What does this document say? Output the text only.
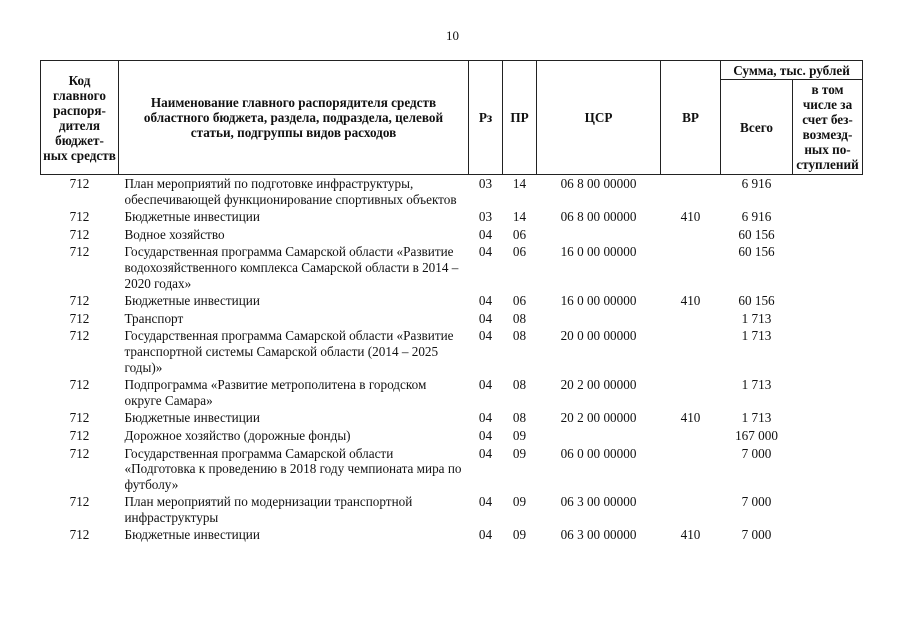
10
Код главного распоря-дителя бюджет-ных средств	Наименование главного распорядителя средств областного бюджета, раздела, подраздела, целевой статьи, подгруппы видов расходов	Рз	ПР	ЦСР	ВР	Сумма, тыс. рублей	
						Всего	в том числе за счет без-возмезд-ных по-ступлений
712	План мероприятий по подготовке инфраструктуры, обеспечивающей функционирование спортивных объектов	03	14	06 8 00 00000		6 916	
712	Бюджетные инвестиции	03	14	06 8 00 00000	410	6 916	
712	Водное хозяйство	04	06			60 156	
712	Государственная программа Самарской области «Развитие водохозяйственного комплекса Самарской области в 2014 – 2020 годах»	04	06	16 0 00 00000		60 156	
712	Бюджетные инвестиции	04	06	16 0 00 00000	410	60 156	
712	Транспорт	04	08			1 713	
712	Государственная программа Самарской области «Развитие транспортной системы Самарской области (2014 – 2025 годы)»	04	08	20 0 00 00000		1 713	
712	Подпрограмма «Развитие метрополитена в городском округе Самара»	04	08	20 2 00 00000		1 713	
712	Бюджетные инвестиции	04	08	20 2 00 00000	410	1 713	
712	Дорожное хозяйство (дорожные фонды)	04	09			167 000	
712	Государственная программа Самарской области «Подготовка к проведению в 2018 году чемпионата мира по футболу»	04	09	06 0 00 00000		7 000	
712	План мероприятий по модернизации транспортной инфраструктуры	04	09	06 3 00 00000		7 000	
712	Бюджетные инвестиции	04	09	06 3 00 00000	410	7 000	
